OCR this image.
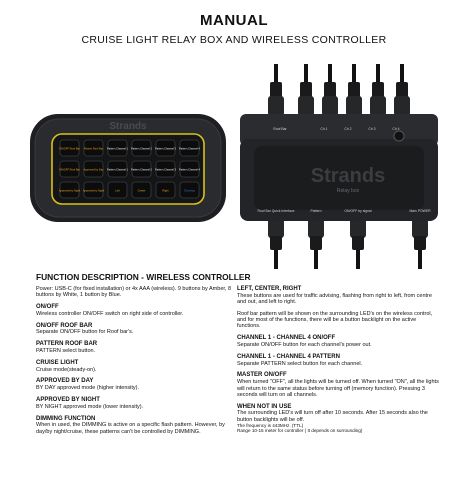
MANUAL
CRUISE LIGHT RELAY BOX AND WIRELESS CONTROLLER
Strands
ON/OFF Roof Bar Pattern Roof Bar Pattern Channel 1 Pattern Channel 2 Pattern Channel 3 Pattern Channel 4
ON/OFF Roof Bar Approved by Day Pattern Channel 1 Pattern Channel 2 Pattern Channel 3 Pattern Channel 4
Approved by Night Approved by Night	Left	Center	Right	Dimming
Strands
Relay box
Roof Bar	Ch 1	Ch 2	Ch 3	Ch 4
Roof Bar Quick Interface	Pattern	ON/OFF by signal	Main POWER
FUNCTION DESCRIPTION - WIRELESS CONTROLLER

Power: USB-C (for fixed installation) or 4x AAA (wireless). 9 buttons by Amber, 8 buttons by White, 1 button by Blue.

ON/OFF

Wireless controller ON/OFF switch on right side of controller.

ON/OFF ROOF BAR

Separate ON/OFF button for Roof bar's.

PATTERN ROOF BAR

PATTERN select button.

CRUISE LIGHT

Cruise mode(steady-on).

APPROVED BY DAY

BY DAY approved mode (higher intensity).

APPROVED BY NIGHT

BY NIGHT approved mode (lower intensity).

DIMMING FUNCTION

When in used, the DIMMING is active on a specific flash pattern. However, by day/by night/cruise, these patterns can't be controlled by DIMMING.

LEFT, CENTER, RIGHT

These buttons are used for traffic advising, flashing from right to left, from centre and out, and left to right.

Roof bar pattern will be shown on the surrounding LED's on the wireless control, and for most of the functions, there will be a button backlight on the active functions.

CHANNEL 1 - CHANNEL 4 ON/OFF

Separate ON/OFF button for each channel's power out.

CHANNEL 1 - CHANNEL 4 PATTERN

Separate PATTERN select button for each channel.

MASTER ON/OFF

When turned "OFF", all the lights will be turned off. When turned "ON", all the lights will return to the same status before turning off (memory function). Pressing 3 seconds will turn on all channels.

WHEN NOT IN USE

The surrounding LED's will turn off after 10 seconds. After 15 seconds also the button backlights will be off.

The frequency is 443MHz. (TTL)
Range 10-15 meter for controller ( It depends on surrounding)
